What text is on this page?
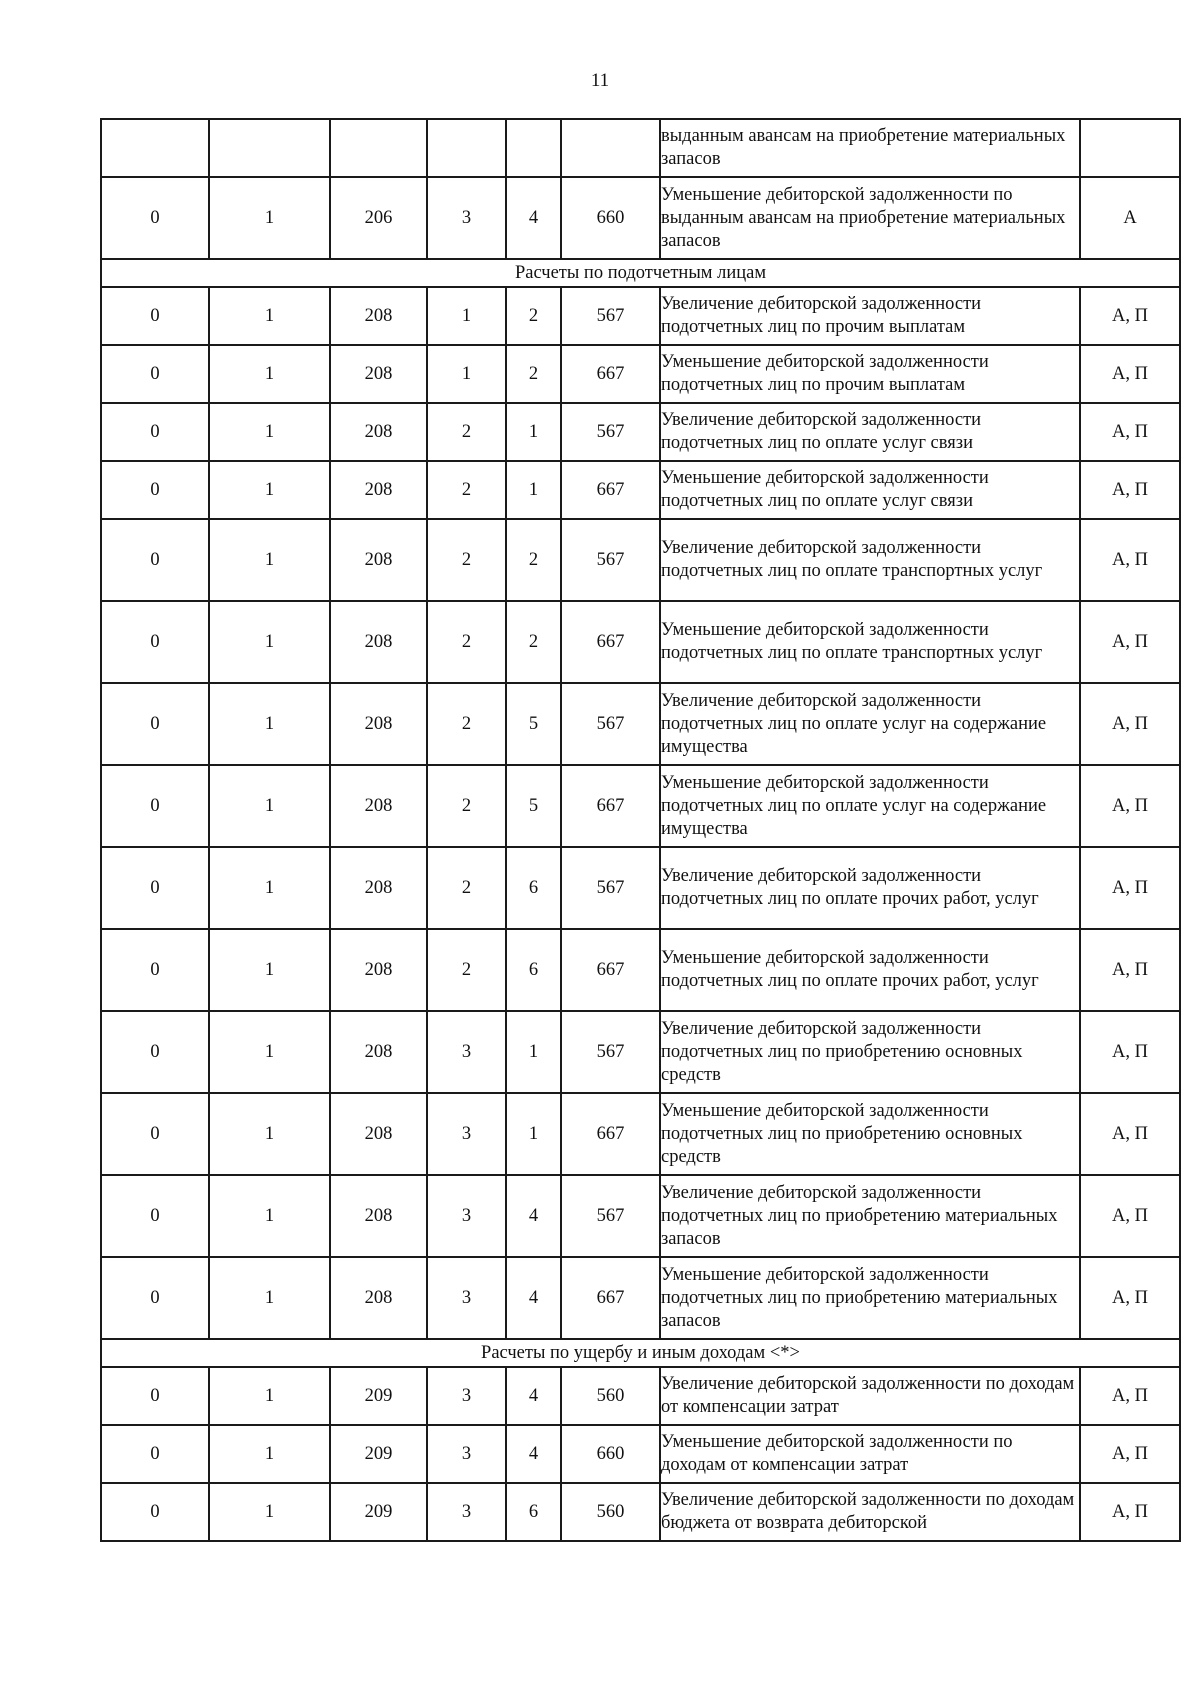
11
						выданным авансам на приобретение материальных запасов	
0	1	206	3	4	660	Уменьшение дебиторской задолженности по выданным авансам на приобретение материальных запасов	А
Расчеты по подотчетным лицам							
0	1	208	1	2	567	Увеличение дебиторской задолженности подотчетных лиц по прочим выплатам	А, П
0	1	208	1	2	667	Уменьшение дебиторской задолженности подотчетных лиц по прочим выплатам	А, П
0	1	208	2	1	567	Увеличение дебиторской задолженности подотчетных лиц по оплате услуг связи	А, П
0	1	208	2	1	667	Уменьшение дебиторской задолженности подотчетных лиц по оплате услуг связи	А, П
0	1	208	2	2	567	Увеличение дебиторской задолженности подотчетных лиц по оплате транспортных услуг	А, П
0	1	208	2	2	667	Уменьшение дебиторской задолженности подотчетных лиц по оплате транспортных услуг	А, П
0	1	208	2	5	567	Увеличение дебиторской задолженности подотчетных лиц по оплате услуг на содержание имущества	А, П
0	1	208	2	5	667	Уменьшение дебиторской задолженности подотчетных лиц по оплате услуг на содержание имущества	А, П
0	1	208	2	6	567	Увеличение дебиторской задолженности подотчетных лиц по оплате прочих работ, услуг	А, П
0	1	208	2	6	667	Уменьшение дебиторской задолженности подотчетных лиц по оплате прочих работ, услуг	А, П
0	1	208	3	1	567	Увеличение дебиторской задолженности подотчетных лиц по приобретению основных средств	А, П
0	1	208	3	1	667	Уменьшение дебиторской задолженности подотчетных лиц по приобретению основных средств	А, П
0	1	208	3	4	567	Увеличение дебиторской задолженности подотчетных лиц по приобретению материальных запасов	А, П
0	1	208	3	4	667	Уменьшение дебиторской задолженности подотчетных лиц по приобретению материальных запасов	А, П
Расчеты по ущербу и иным доходам <*>							
0	1	209	3	4	560	Увеличение дебиторской задолженности по доходам от компенсации затрат	А, П
0	1	209	3	4	660	Уменьшение дебиторской задолженности по доходам от компенсации затрат	А, П
0	1	209	3	6	560	Увеличение дебиторской задолженности по доходам бюджета от возврата дебиторской	А, П
